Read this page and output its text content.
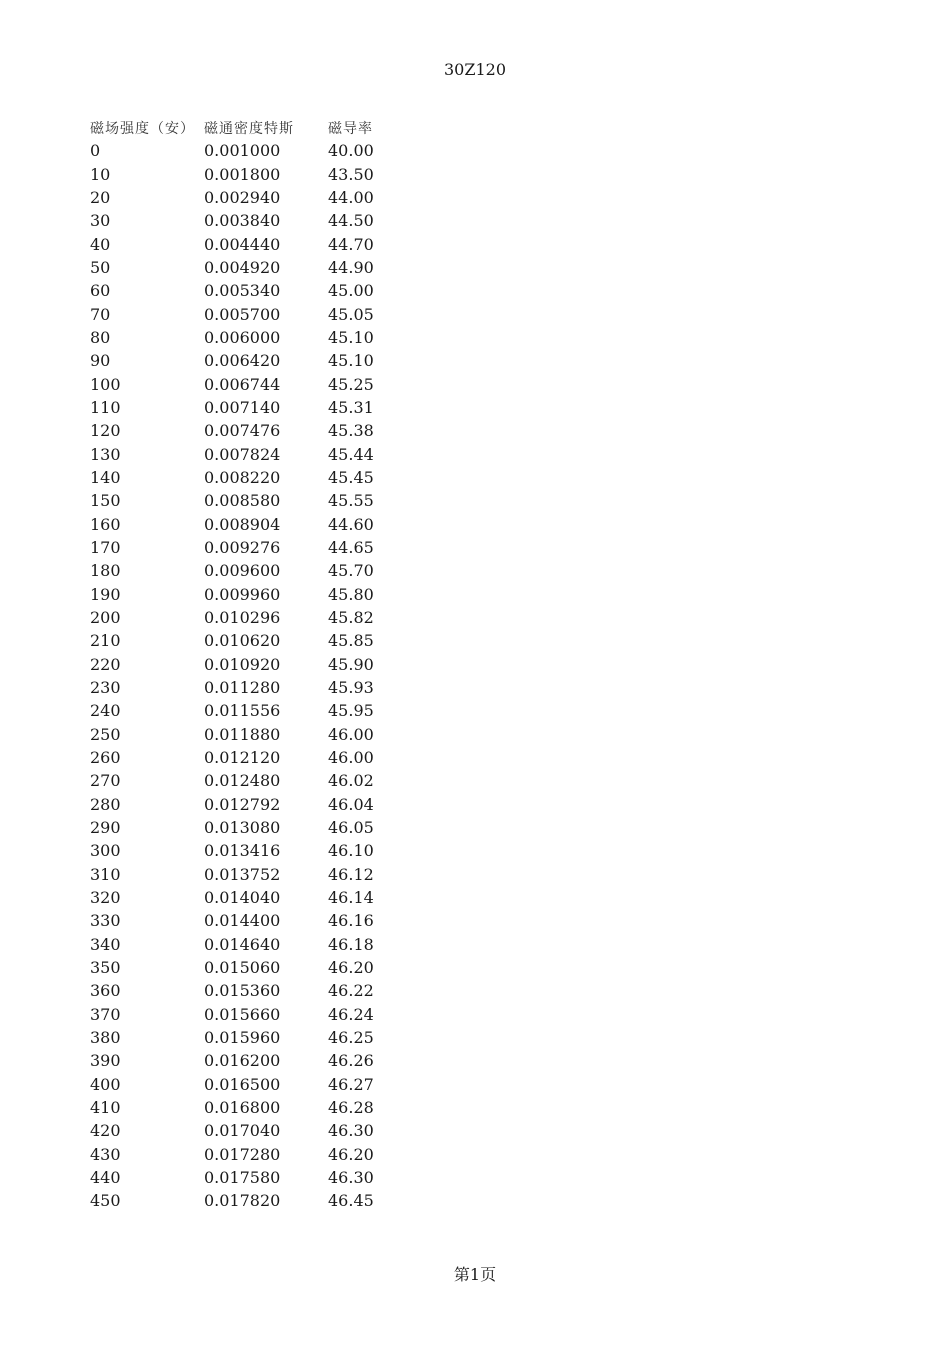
30Z120
磁场强度（安）	磁通密度特斯	磁导率
0	0.001000	40.00
10	0.001800	43.50
20	0.002940	44.00
30	0.003840	44.50
40	0.004440	44.70
50	0.004920	44.90
60	0.005340	45.00
70	0.005700	45.05
80	0.006000	45.10
90	0.006420	45.10
100	0.006744	45.25
110	0.007140	45.31
120	0.007476	45.38
130	0.007824	45.44
140	0.008220	45.45
150	0.008580	45.55
160	0.008904	44.60
170	0.009276	44.65
180	0.009600	45.70
190	0.009960	45.80
200	0.010296	45.82
210	0.010620	45.85
220	0.010920	45.90
230	0.011280	45.93
240	0.011556	45.95
250	0.011880	46.00
260	0.012120	46.00
270	0.012480	46.02
280	0.012792	46.04
290	0.013080	46.05
300	0.013416	46.10
310	0.013752	46.12
320	0.014040	46.14
330	0.014400	46.16
340	0.014640	46.18
350	0.015060	46.20
360	0.015360	46.22
370	0.015660	46.24
380	0.015960	46.25
390	0.016200	46.26
400	0.016500	46.27
410	0.016800	46.28
420	0.017040	46.30
430	0.017280	46.20
440	0.017580	46.30
450	0.017820	46.45
第1页
